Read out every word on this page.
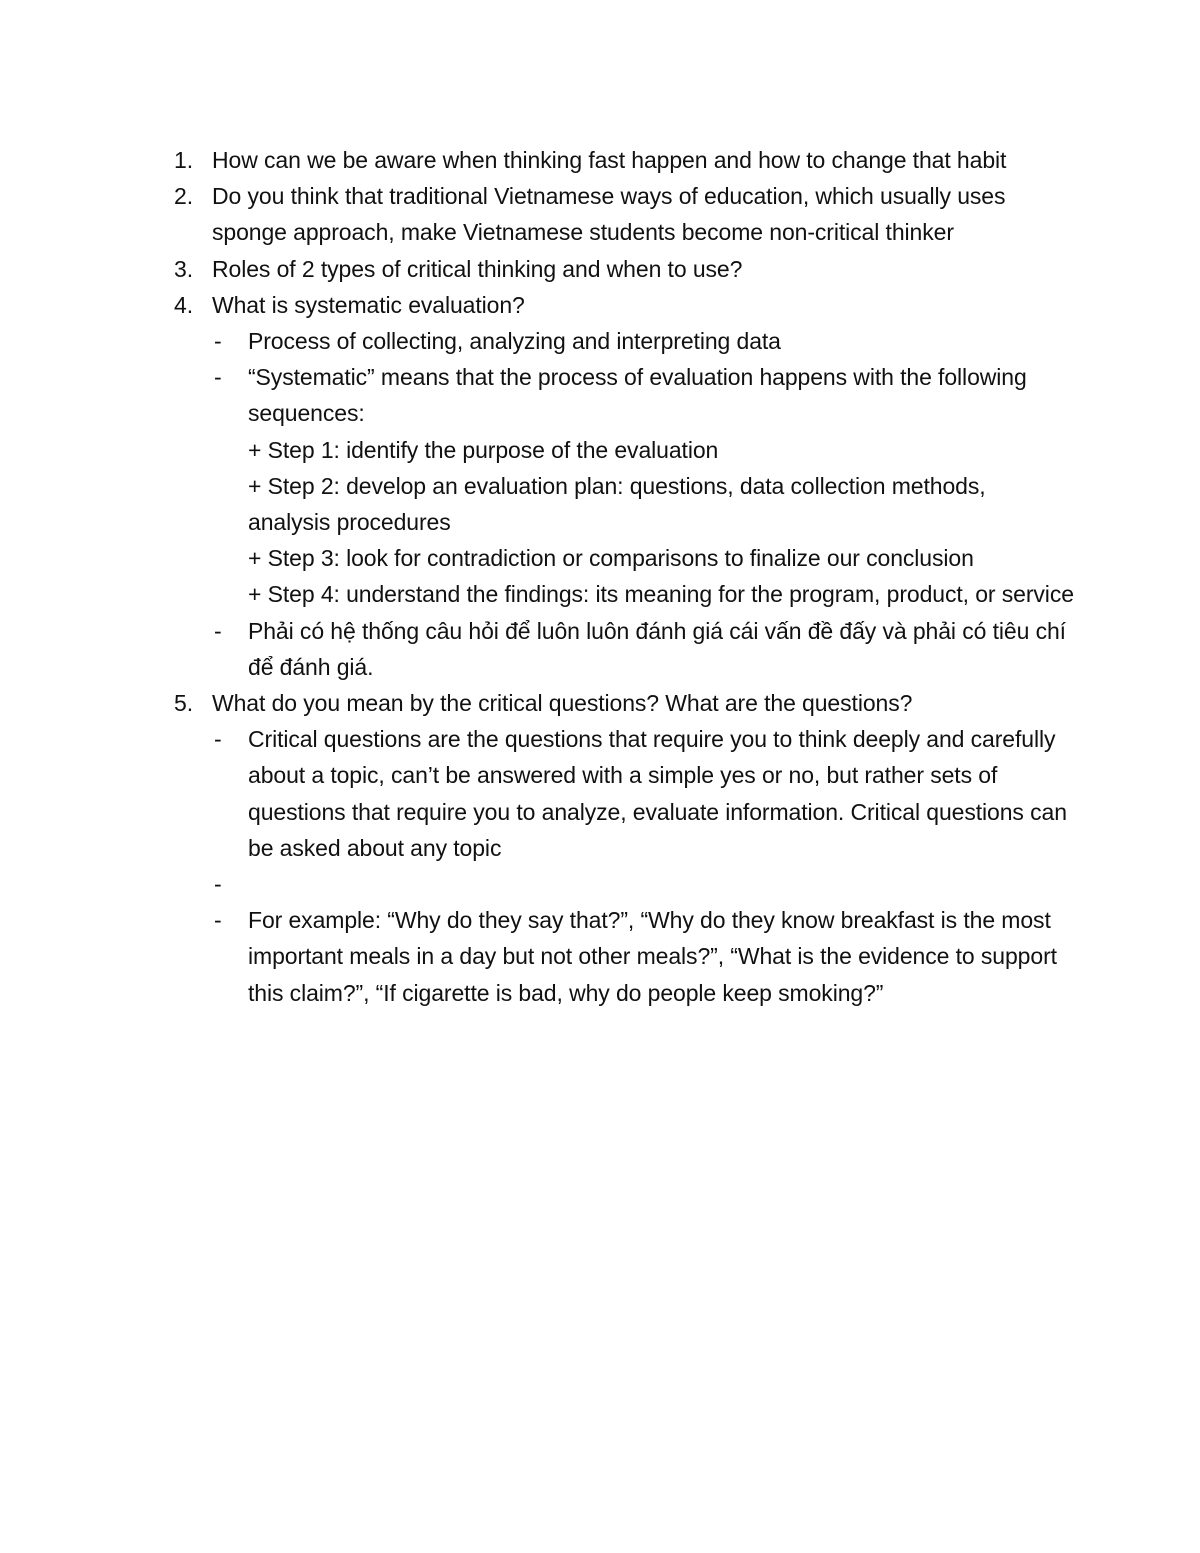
1. How can we be aware when thinking fast happen and how to change that habit
2. Do you think that traditional Vietnamese ways of education, which usually uses sponge approach, make Vietnamese students become non-critical thinker
3. Roles of 2 types of critical thinking and when to use?
4. What is systematic evaluation?
- Process of collecting, analyzing and interpreting data
- “Systematic” means that the process of evaluation happens with the following sequences:
+ Step 1: identify the purpose of the evaluation
+ Step 2: develop an evaluation plan: questions, data collection methods, analysis procedures
+ Step 3: look for contradiction or comparisons to finalize our conclusion
+ Step 4: understand the findings: its meaning for the program, product, or service
- Phải có hệ thống câu hỏi để luôn luôn đánh giá cái vấn đề đấy và phải có tiêu chí để đánh giá.
5. What do you mean by the critical questions? What are the questions?
- Critical questions are the questions that require you to think deeply and carefully about a topic, can’t be answered with a simple yes or no, but rather sets of questions that require you to analyze, evaluate information. Critical questions can be asked about any topic
-
- For example: “Why do they say that?”, “Why do they know breakfast is the most important meals in a day but not other meals?”, “What is the evidence to support this claim?”, “If cigarette is bad, why do people keep smoking?”
